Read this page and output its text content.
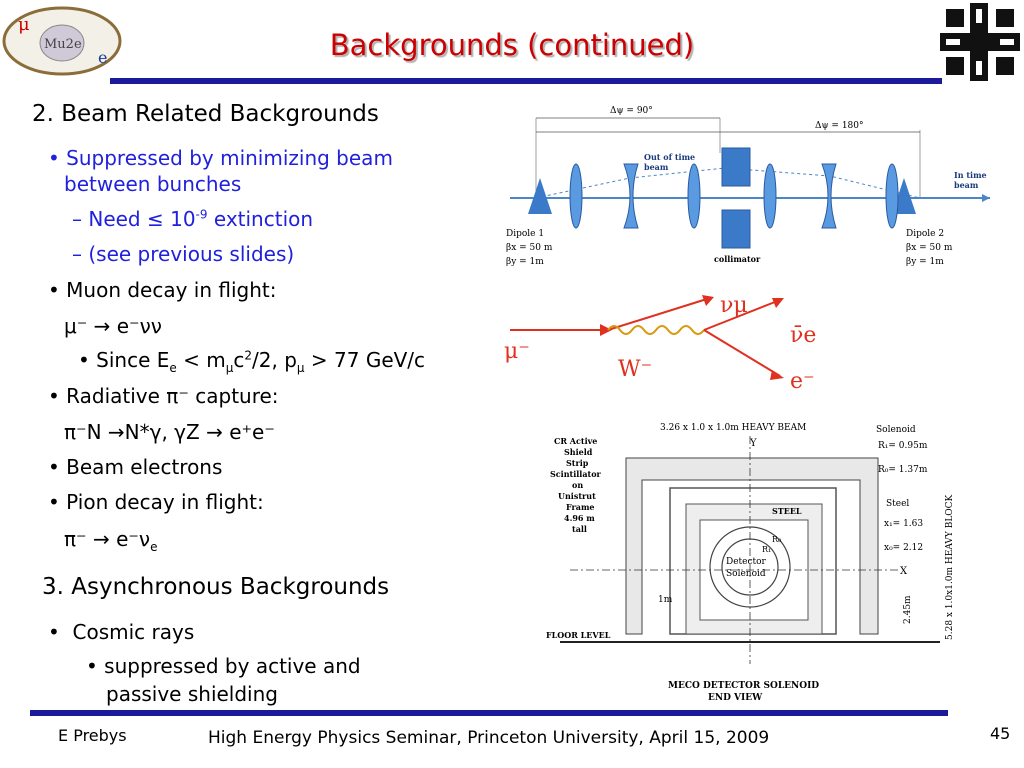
μ
Mu2e
e	Backgrounds (continued)
2. Beam Related Backgrounds
• Suppressed by minimizing beam
between bunches
– Need ≤ $10^{-9}$ extinction
– (see previous slides)
• Muon decay in flight:
μ⁻ → e⁻νν
• Since $E_e < m_\mu c^2/2$, $p_\mu > 77$ GeV/c
• Radiative π⁻ capture:
π⁻N →N*γ, γZ → e⁺e⁻
• Beam electrons
• Pion decay in flight:
$\pi^- \to e^-\nu_e$
3. Asynchronous Backgrounds
• Cosmic rays
• suppressed by active and
passive shielding
Δψ = 90°
Δψ = 180°
Out of time
beam
In time
beam
collimator
Dipole 1
βx = 50 m
βy = 1m
Dipole 2
βx = 50 m
βy = 1m
μ⁻
W⁻
νμ
ν̄e
e⁻
3.26 x 1.0 x 1.0m HEAVY BEAM
Y
Solenoid
R₁= 0.95m
R₀= 1.37m
Steel
x₁= 1.63
x₀= 2.12
X	5.28 x 1.0x1.0m HEAVY BLOCK
CR Active
Shield
Strip
Scintillator
on
Unistrut
Frame
4.96 m
tall
STEEL
Detector
Solenoid
R₁
R₀
FLOOR LEVEL
1m	2.45m
MECO DETECTOR SOLENOID
END VIEW
E Prebys	High Energy Physics Seminar, Princeton University, April 15, 2009	45
